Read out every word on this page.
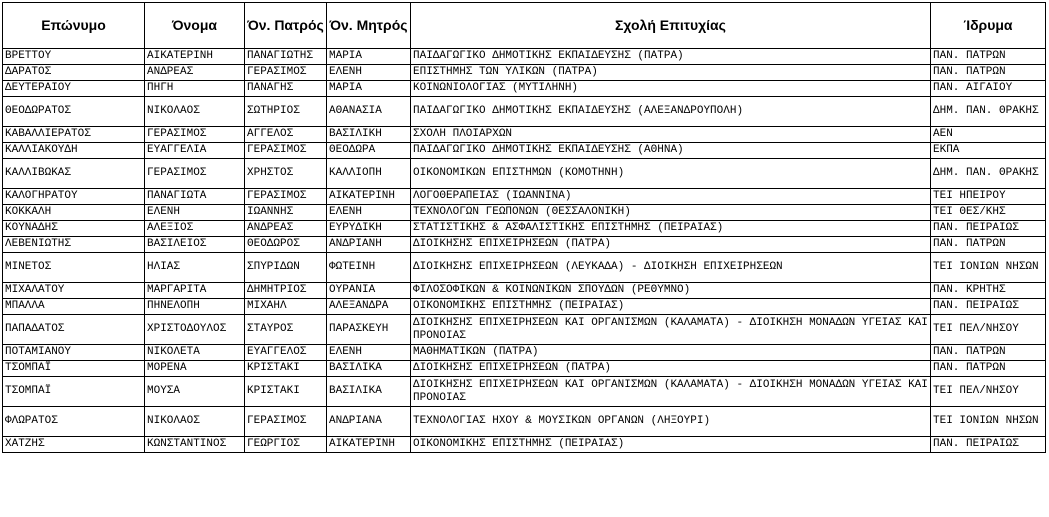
Επώνυμο	Όνομα	Όν. Πατρός	Όν. Μητρός	Σχολή Επιτυχίας	Ίδρυμα
ΒΡΕΤΤΟΥ	ΑΙΚΑΤΕΡΙΝΗ	ΠΑΝΑΓΙΩΤΗΣ	ΜΑΡΙΑ	ΠΑΙΔΑΓΩΓΙΚΟ ΔΗΜΟΤΙΚΗΣ ΕΚΠΑΙΔΕΥΣΗΣ (ΠΑΤΡΑ)	ΠΑΝ. ΠΑΤΡΩΝ
ΔΑΡΑΤΟΣ	ΑΝΔΡΕΑΣ	ΓΕΡΑΣΙΜΟΣ	ΕΛΕΝΗ	ΕΠΙΣΤΗΜΗΣ ΤΩΝ ΥΛΙΚΩΝ (ΠΑΤΡΑ)	ΠΑΝ. ΠΑΤΡΩΝ
ΔΕΥΤΕΡΑΙΟΥ	ΠΗΓΗ	ΠΑΝΑΓΗΣ	ΜΑΡΙΑ	ΚΟΙΝΩΝΙΟΛΟΓΙΑΣ (ΜΥΤΙΛΗΝΗ)	ΠΑΝ. ΑΙΓΑΙΟΥ
ΘΕΟΔΩΡΑΤΟΣ	ΝΙΚΟΛΑΟΣ	ΣΩΤΗΡΙΟΣ	ΑΘΑΝΑΣΙΑ	ΠΑΙΔΑΓΩΓΙΚΟ ΔΗΜΟΤΙΚΗΣ ΕΚΠΑΙΔΕΥΣΗΣ (ΑΛΕΞΑΝΔΡΟΥΠΟΛΗ)	ΔΗΜ. ΠΑΝ. ΘΡΑΚΗΣ
ΚΑΒΑΛΛΙΕΡΑΤΟΣ	ΓΕΡΑΣΙΜΟΣ	ΑΓΓΕΛΟΣ	ΒΑΣΙΛΙΚΗ	ΣΧΟΛΗ ΠΛΟΙΑΡΧΩΝ	ΑΕΝ
ΚΑΛΛΙΑΚΟΥΔΗ	ΕΥΑΓΓΕΛΙΑ	ΓΕΡΑΣΙΜΟΣ	ΘΕΟΔΩΡΑ	ΠΑΙΔΑΓΩΓΙΚΟ ΔΗΜΟΤΙΚΗΣ ΕΚΠΑΙΔΕΥΣΗΣ (ΑΘΗΝΑ)	ΕΚΠΑ
ΚΑΛΛΙΒΩΚΑΣ	ΓΕΡΑΣΙΜΟΣ	ΧΡΗΣΤΟΣ	ΚΑΛΛΙΟΠΗ	ΟΙΚΟΝΟΜΙΚΩΝ ΕΠΙΣΤΗΜΩΝ (ΚΟΜΟΤΗΝΗ)	ΔΗΜ. ΠΑΝ. ΘΡΑΚΗΣ
ΚΑΛΟΓΗΡΑΤΟΥ	ΠΑΝΑΓΙΩΤΑ	ΓΕΡΑΣΙΜΟΣ	ΑΙΚΑΤΕΡΙΝΗ	ΛΟΓΟΘΕΡΑΠΕΙΑΣ (ΙΩΑΝΝΙΝΑ)	ΤΕΙ ΗΠΕΙΡΟΥ
ΚΟΚΚΑΛΗ	ΕΛΕΝΗ	ΙΩΑΝΝΗΣ	ΕΛΕΝΗ	ΤΕΧΝΟΛΟΓΩΝ ΓΕΩΠΟΝΩΝ (ΘΕΣΣΑΛΟΝΙΚΗ)	ΤΕΙ ΘΕΣ/ΚΗΣ
ΚΟΥΝΑΔΗΣ	ΑΛΕΞΙΟΣ	ΑΝΔΡΕΑΣ	ΕΥΡΥΔΙΚΗ	ΣΤΑΤΙΣΤΙΚΗΣ & ΑΣΦΑΛΙΣΤΙΚΗΣ ΕΠΙΣΤΗΜΗΣ (ΠΕΙΡΑΙΑΣ)	ΠΑΝ. ΠΕΙΡΑΙΩΣ
ΛΕΒΕΝΙΩΤΗΣ	ΒΑΣΙΛΕΙΟΣ	ΘΕΟΔΩΡΟΣ	ΑΝΔΡΙΑΝΗ	ΔΙΟΙΚΗΣΗΣ ΕΠΙΧΕΙΡΗΣΕΩΝ (ΠΑΤΡΑ)	ΠΑΝ. ΠΑΤΡΩΝ
ΜΙΝΕΤΟΣ	ΗΛΙΑΣ	ΣΠΥΡΙΔΩΝ	ΦΩΤΕΙΝΗ	ΔΙΟΙΚΗΣΗΣ ΕΠΙΧΕΙΡΗΣΕΩΝ (ΛΕΥΚΑΔΑ) - ΔΙΟΙΚΗΣΗ ΕΠΙΧΕΙΡΗΣΕΩΝ	ΤΕΙ ΙΟΝΙΩΝ ΝΗΣΩΝ
ΜΙΧΑΛΑΤΟΥ	ΜΑΡΓΑΡΙΤΑ	ΔΗΜΗΤΡΙΟΣ	ΟΥΡΑΝΙΑ	ΦΙΛΟΣΟΦΙΚΩΝ & ΚΟΙΝΩΝΙΚΩΝ ΣΠΟΥΔΩΝ (ΡΕΘΥΜΝΟ)	ΠΑΝ. ΚΡΗΤΗΣ
ΜΠΑΛΛΑ	ΠΗΝΕΛΟΠΗ	ΜΙΧΑΗΛ	ΑΛΕΞΑΝΔΡΑ	ΟΙΚΟΝΟΜΙΚΗΣ ΕΠΙΣΤΗΜΗΣ (ΠΕΙΡΑΙΑΣ)	ΠΑΝ. ΠΕΙΡΑΙΩΣ
ΠΑΠΑΔΑΤΟΣ	ΧΡΙΣΤΟΔΟΥΛΟΣ	ΣΤΑΥΡΟΣ	ΠΑΡΑΣΚΕΥΗ	ΔΙΟΙΚΗΣΗΣ ΕΠΙΧΕΙΡΗΣΕΩΝ ΚΑΙ ΟΡΓΑΝΙΣΜΩΝ (ΚΑΛΑΜΑΤΑ) - ΔΙΟΙΚΗΣΗ ΜΟΝΑΔΩΝ ΥΓΕΙΑΣ ΚΑΙ ΠΡΟΝΟΙΑΣ	ΤΕΙ ΠΕΛ/ΝΗΣΟΥ
ΠΟΤΑΜΙΑΝΟΥ	ΝΙΚΟΛΕΤΑ	ΕΥΑΓΓΕΛΟΣ	ΕΛΕΝΗ	ΜΑΘΗΜΑΤΙΚΩΝ (ΠΑΤΡΑ)	ΠΑΝ. ΠΑΤΡΩΝ
ΤΣΟΜΠΑΪ	ΜΟΡΕΝΑ	ΚΡΙΣΤΑΚΙ	ΒΑΣΙΛΙΚΑ	ΔΙΟΙΚΗΣΗΣ ΕΠΙΧΕΙΡΗΣΕΩΝ (ΠΑΤΡΑ)	ΠΑΝ. ΠΑΤΡΩΝ
ΤΣΟΜΠΑΪ	ΜΟΥΣΑ	ΚΡΙΣΤΑΚΙ	ΒΑΣΙΛΙΚΑ	ΔΙΟΙΚΗΣΗΣ ΕΠΙΧΕΙΡΗΣΕΩΝ ΚΑΙ ΟΡΓΑΝΙΣΜΩΝ (ΚΑΛΑΜΑΤΑ) - ΔΙΟΙΚΗΣΗ ΜΟΝΑΔΩΝ ΥΓΕΙΑΣ ΚΑΙ ΠΡΟΝΟΙΑΣ	ΤΕΙ ΠΕΛ/ΝΗΣΟΥ
ΦΛΩΡΑΤΟΣ	ΝΙΚΟΛΑΟΣ	ΓΕΡΑΣΙΜΟΣ	ΑΝΔΡΙΑΝΑ	ΤΕΧΝΟΛΟΓΙΑΣ ΗΧΟΥ & ΜΟΥΣΙΚΩΝ ΟΡΓΑΝΩΝ (ΛΗΞΟΥΡΙ)	ΤΕΙ ΙΟΝΙΩΝ ΝΗΣΩΝ
ΧΑΤΖΗΣ	ΚΩΝΣΤΑΝΤΙΝΟΣ	ΓΕΩΡΓΙΟΣ	ΑΙΚΑΤΕΡΙΝΗ	ΟΙΚΟΝΟΜΙΚΗΣ ΕΠΙΣΤΗΜΗΣ (ΠΕΙΡΑΙΑΣ)	ΠΑΝ. ΠΕΙΡΑΙΩΣ
